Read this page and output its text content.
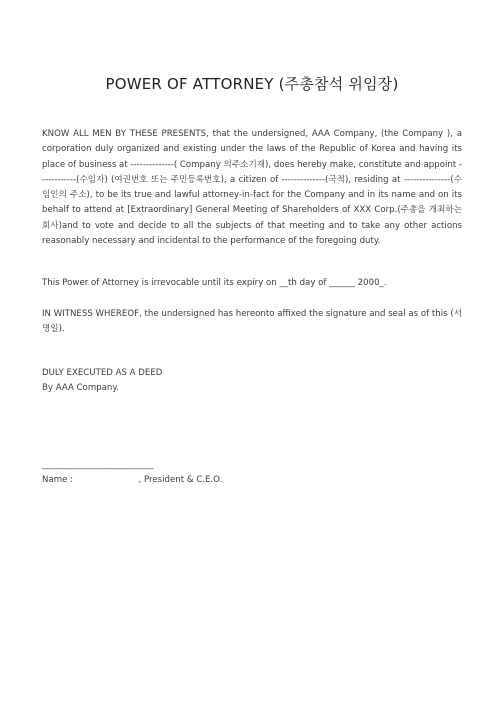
POWER OF ATTORNEY (주총참석 위임장)
KNOW ALL MEN BY THESE PRESENTS, that the undersigned, AAA Company, (the Company ), a corporation duly organized and existing under the laws of the Republic of Korea and having its place of business at --------------( Company 의주소기재), does hereby make, constitute and appoint ------------(수임자) (여권번호 또는 주민등록번호), a citizen of --------------(국적), residing at ---------------(수임인의 주소), to be its true and lawful attorney-in-fact for the Company and in its name and on its behalf to attend at [Extraordinary] General Meeting of Shareholders of XXX Corp.(주총을 개최하는 회사)and to vote and decide to all the subjects of that meeting and to take any other actions reasonably necessary and incidental to the performance of the foregoing duty.
This Power of Attorney is irrevocable until its expiry on __th day of ______ 2000_.
IN WITNESS WHEREOF, the undersigned has hereonto affixed the signature and seal as of this (서명일).
DULY EXECUTED AS A DEED
By AAA Company.
______________________________
Name :                        , President & C.E.O.
